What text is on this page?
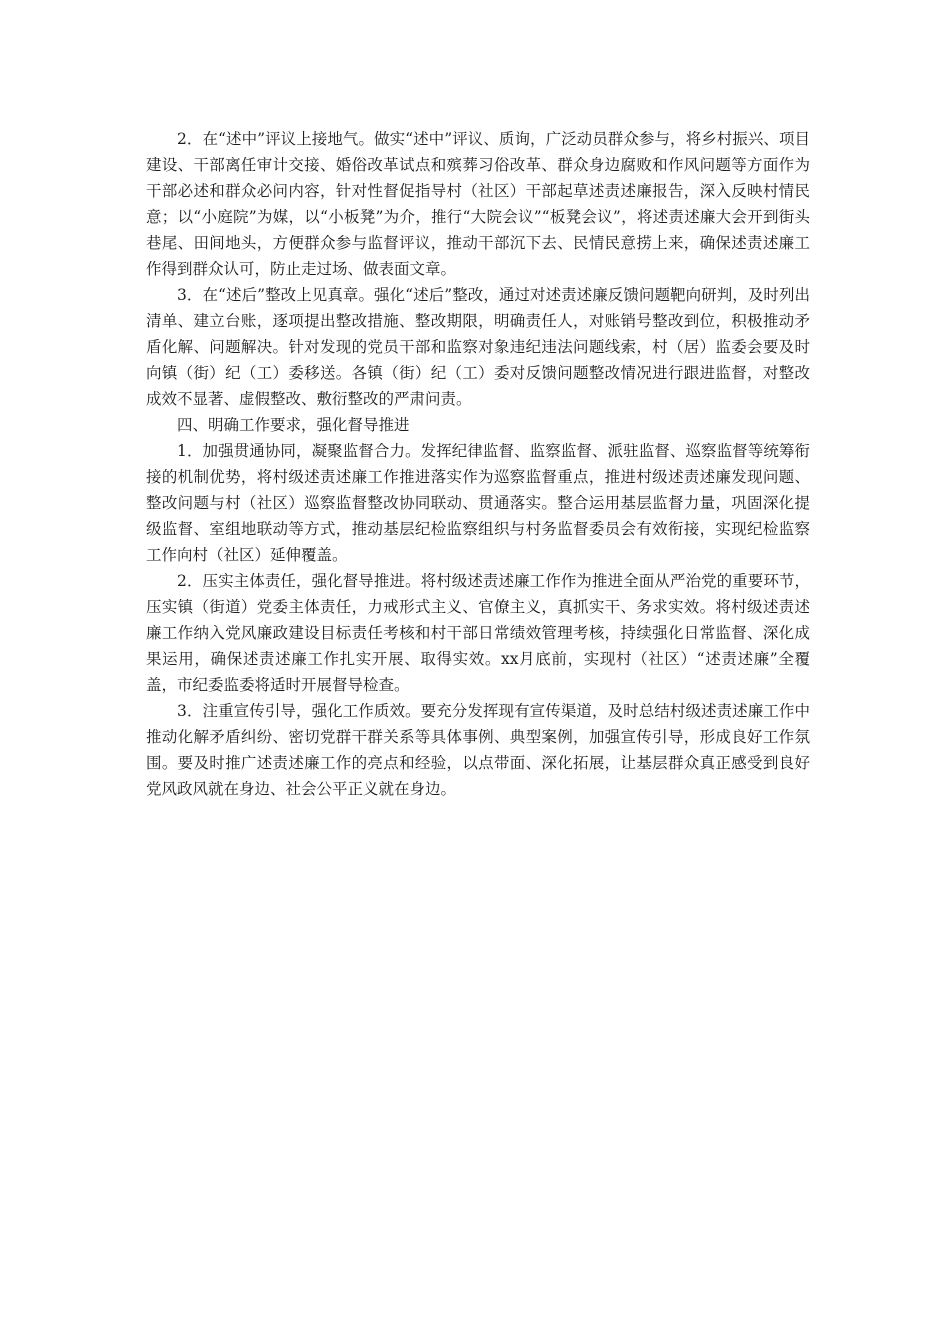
2．在“述中”评议上接地气。做实“述中”评议、质询，广泛动员群众参与，将乡村振兴、项目建设、干部离任审计交接、婚俗改革试点和殡葬习俗改革、群众身边腐败和作风问题等方面作为干部必述和群众必问内容，针对性督促指导村（社区）干部起草述责述廉报告，深入反映村情民意；以“小庭院”为媒，以“小板凳”为介，推行“大院会议”“板凳会议”，将述责述廉大会开到街头巷尾、田间地头，方便群众参与监督评议，推动干部沉下去、民情民意捞上来，确保述责述廉工作得到群众认可，防止走过场、做表面文章。

3．在“述后”整改上见真章。强化“述后”整改，通过对述责述廉反馈问题靶向研判，及时列出清单、建立台账，逐项提出整改措施、整改期限，明确责任人，对账销号整改到位，积极推动矛盾化解、问题解决。针对发现的党员干部和监察对象违纪违法问题线索，村（居）监委会要及时向镇（街）纪（工）委移送。各镇（街）纪（工）委对反馈问题整改情况进行跟进监督，对整改成效不显著、虚假整改、敷衍整改的严肃问责。

四、明确工作要求，强化督导推进

1．加强贯通协同，凝聚监督合力。发挥纪律监督、监察监督、派驻监督、巡察监督等统筹衔接的机制优势，将村级述责述廉工作推进落实作为巡察监督重点，推进村级述责述廉发现问题、整改问题与村（社区）巡察监督整改协同联动、贯通落实。整合运用基层监督力量，巩固深化提级监督、室组地联动等方式，推动基层纪检监察组织与村务监督委员会有效衔接，实现纪检监察工作向村（社区）延伸覆盖。

2．压实主体责任，强化督导推进。将村级述责述廉工作作为推进全面从严治党的重要环节，压实镇（街道）党委主体责任，力戒形式主义、官僚主义，真抓实干、务求实效。将村级述责述廉工作纳入党风廉政建设目标责任考核和村干部日常绩效管理考核，持续强化日常监督、深化成果运用，确保述责述廉工作扎实开展、取得实效。xx月底前，实现村（社区）“述责述廉”全覆盖，市纪委监委将适时开展督导检查。

3．注重宣传引导，强化工作质效。要充分发挥现有宣传渠道，及时总结村级述责述廉工作中推动化解矛盾纠纷、密切党群干群关系等具体事例、典型案例，加强宣传引导，形成良好工作氛围。要及时推广述责述廉工作的亮点和经验，以点带面、深化拓展，让基层群众真正感受到良好党风政风就在身边、社会公平正义就在身边。
